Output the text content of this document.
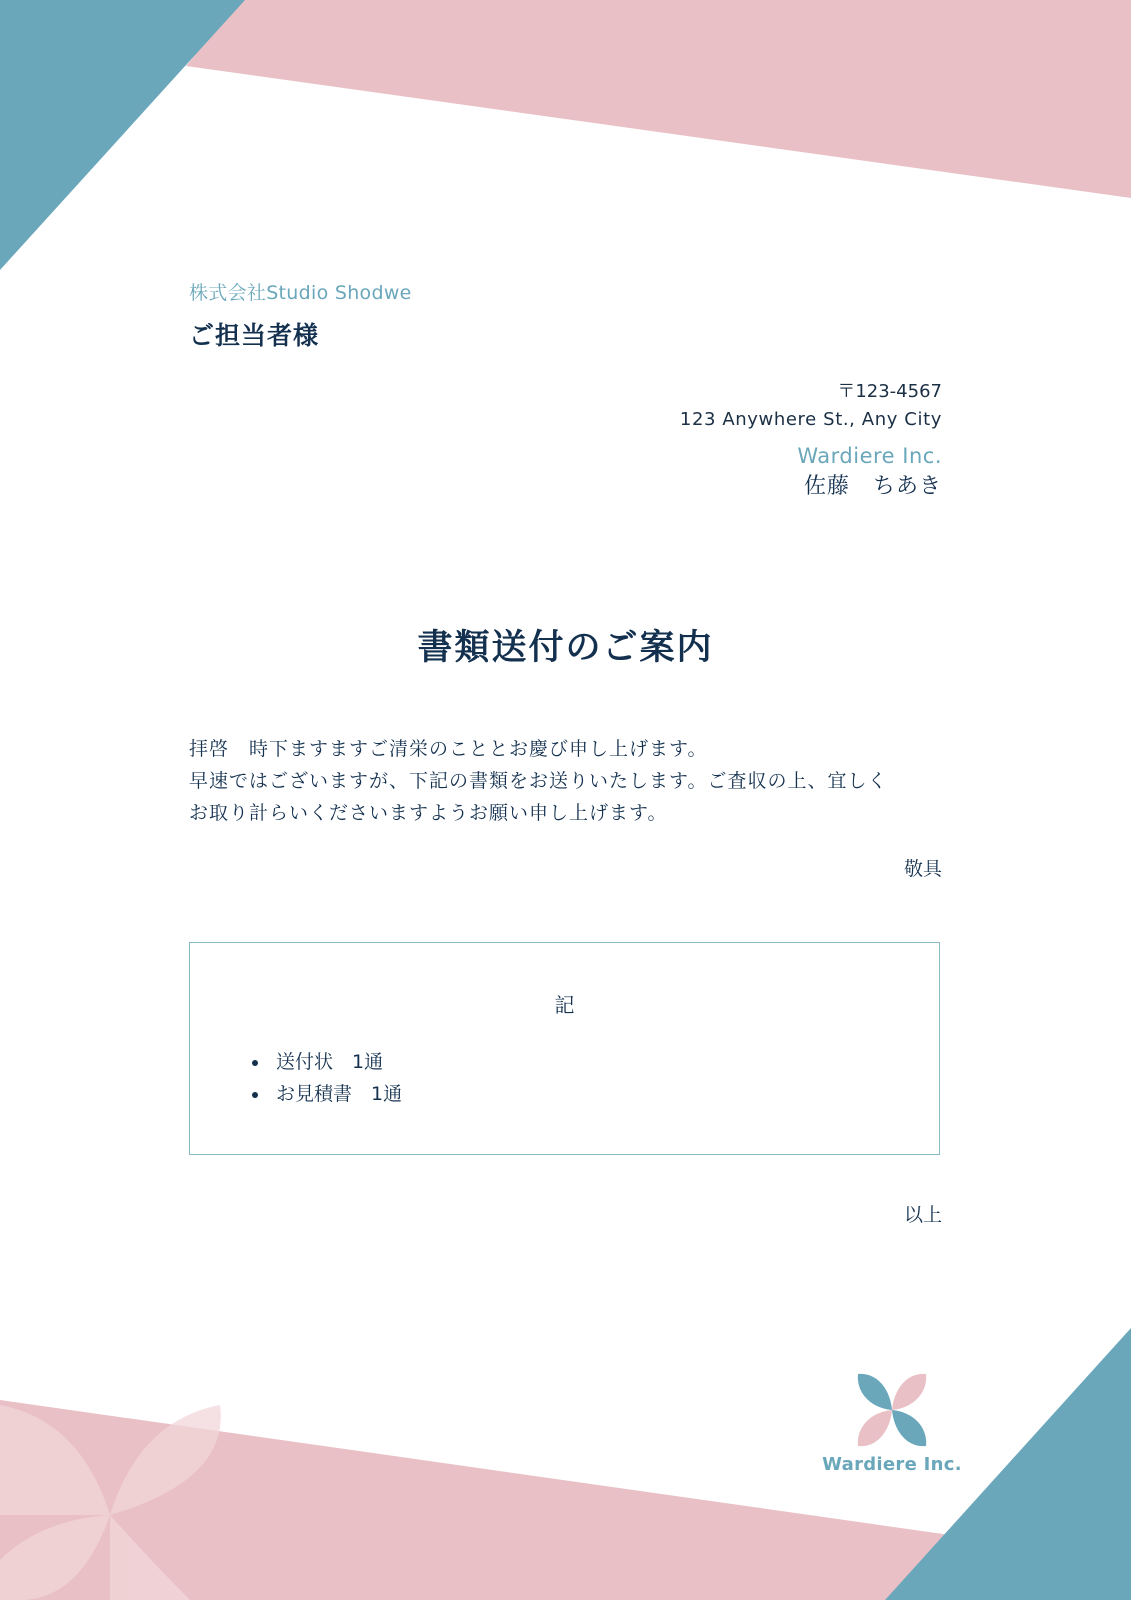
株式会社Studio Shodwe
ご担当者様
〒123-4567
123 Anywhere St., Any City
Wardiere Inc.
佐藤　ちあき
書類送付のご案内
拝啓　時下ますますご清栄のこととお慶び申し上げます。
早速ではございますが、下記の書類をお送りいたします。ご査収の上、宜しく
お取り計らいくださいますようお願い申し上げます。
敬具
記
送付状　1通
お見積書　1通
以上
Wardiere Inc.
